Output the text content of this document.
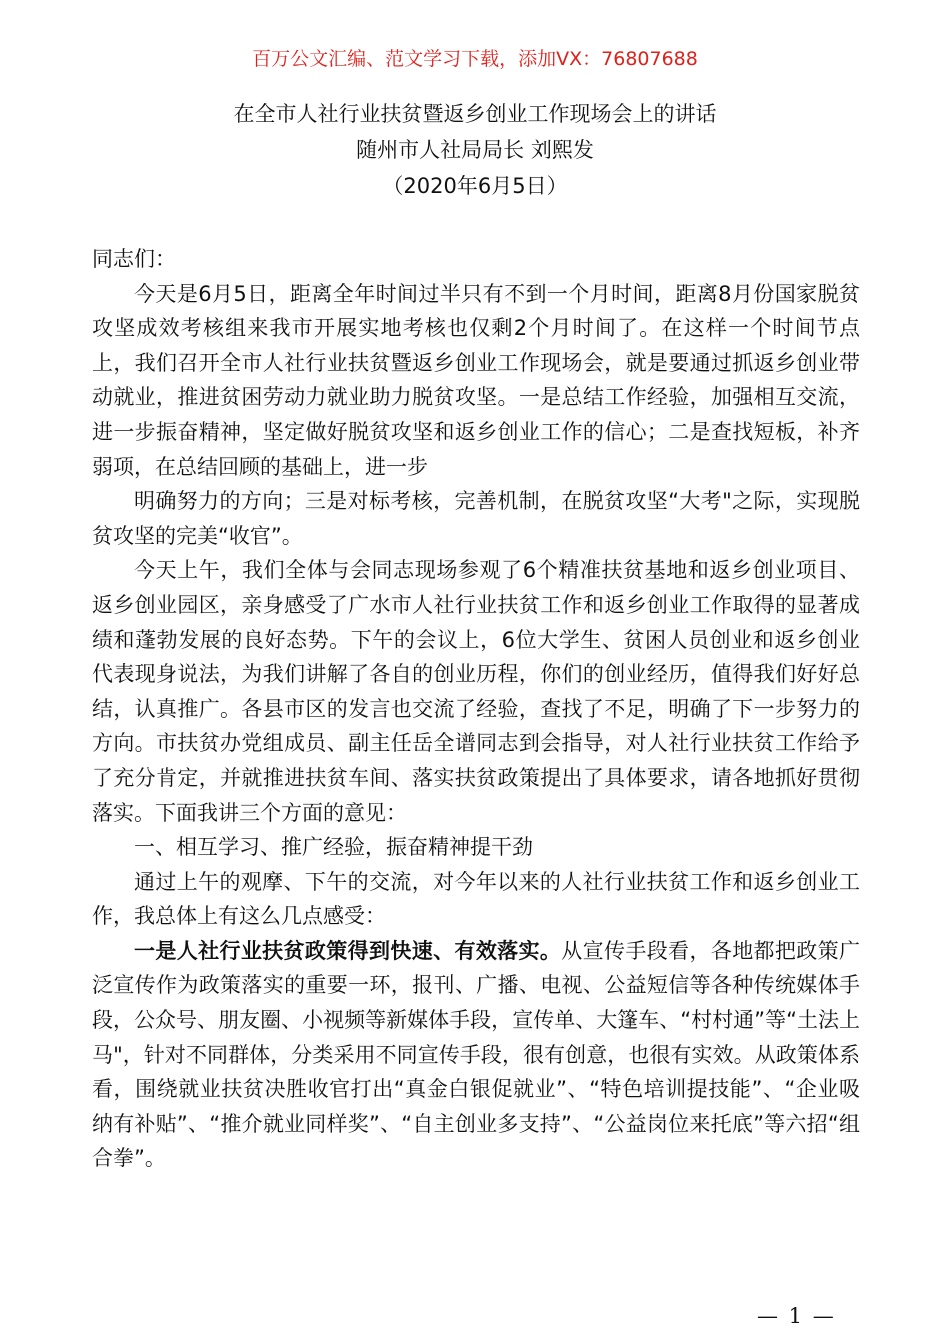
百万公文汇编、范文学习下载，添加VX：76807688
在全市人社行业扶贫暨返乡创业工作现场会上的讲话
随州市人社局局长 刘熙发
（2020年6月5日）

同志们：

今天是6月5日，距离全年时间过半只有不到一个月时间，距离8月份国家脱贫攻坚成效考核组来我市开展实地考核也仅剩2个月时间了。在这样一个时间节点上，我们召开全市人社行业扶贫暨返乡创业工作现场会，就是要通过抓返乡创业带动就业，推进贫困劳动力就业助力脱贫攻坚。一是总结工作经验，加强相互交流，进一步振奋精神，坚定做好脱贫攻坚和返乡创业工作的信心；二是查找短板，补齐弱项，在总结回顾的基础上，进一步

明确努力的方向；三是对标考核，完善机制，在脱贫攻坚“大考"之际，实现脱贫攻坚的完美“收官”。

今天上午，我们全体与会同志现场参观了6个精准扶贫基地和返乡创业项目、返乡创业园区，亲身感受了广水市人社行业扶贫工作和返乡创业工作取得的显著成绩和蓬勃发展的良好态势。下午的会议上，6位大学生、贫困人员创业和返乡创业代表现身说法，为我们讲解了各自的创业历程，你们的创业经历，值得我们好好总结，认真推广。各县市区的发言也交流了经验，查找了不足，明确了下一步努力的方向。市扶贫办党组成员、副主任岳全谱同志到会指导，对人社行业扶贫工作给予了充分肯定，并就推进扶贫车间、落实扶贫政策提出了具体要求，请各地抓好贯彻落实。下面我讲三个方面的意见：

一、相互学习、推广经验，振奋精神提干劲

通过上午的观摩、下午的交流，对今年以来的人社行业扶贫工作和返乡创业工作，我总体上有这么几点感受：

一是人社行业扶贫政策得到快速、有效落实。从宣传手段看，各地都把政策广泛宣传作为政策落实的重要一环，报刊、广播、电视、公益短信等各种传统媒体手段，公众号、朋友圈、小视频等新媒体手段，宣传单、大篷车、“村村通”等“土法上马"，针对不同群体，分类采用不同宣传手段，很有创意，也很有实效。从政策体系看，围绕就业扶贫决胜收官打出“真金白银促就业”、“特色培训提技能”、“企业吸纳有补贴”、“推介就业同样奖”、“自主创业多支持”、“公益岗位来托底”等六招“组合拳”。

— 1 —
